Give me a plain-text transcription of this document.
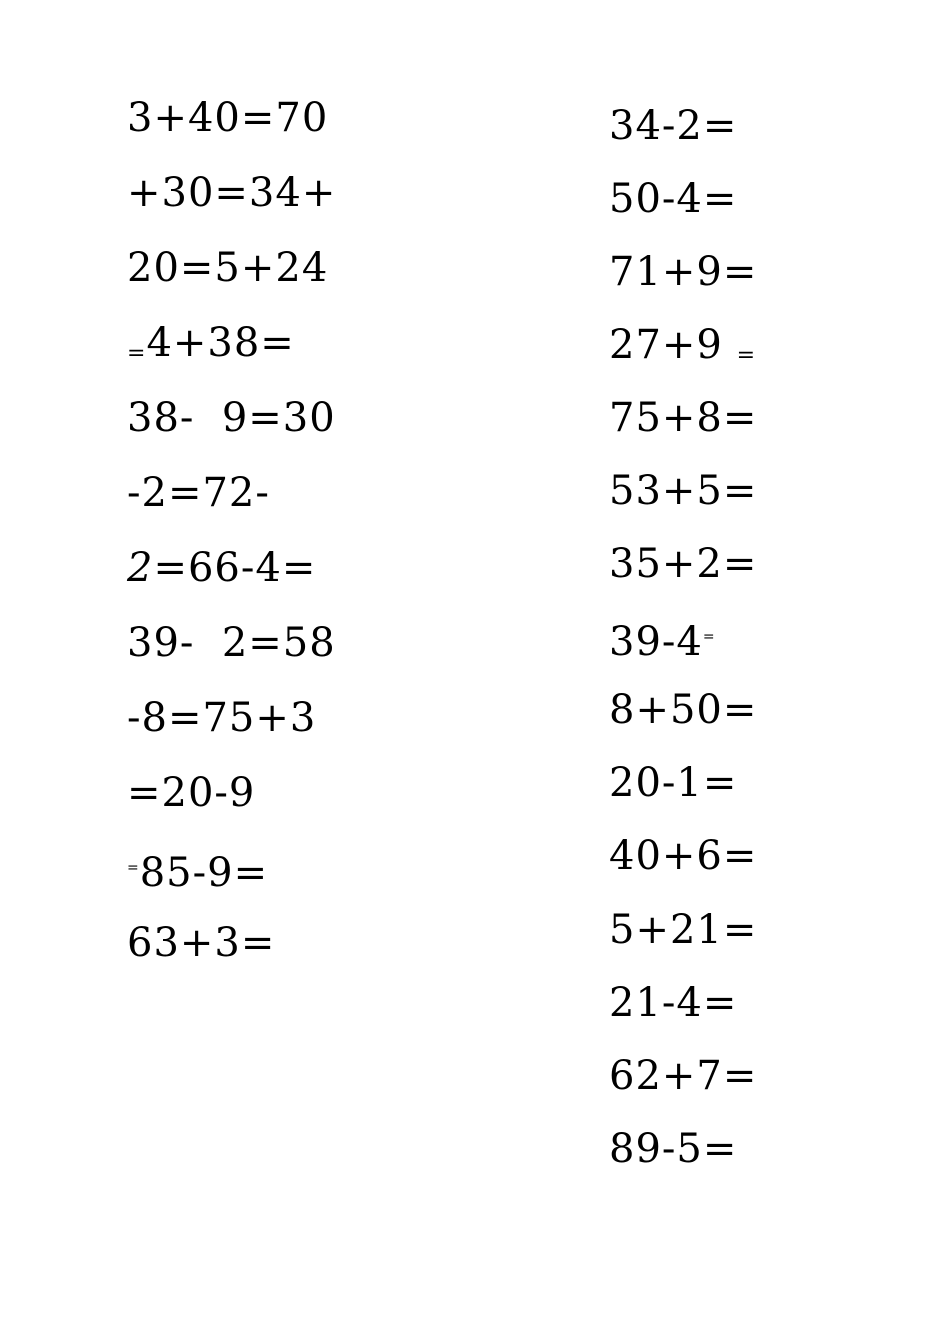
3+40=70
+30=34+
20=5+24
=4+38=
38-  9=30
-2=72-
2=66-4=
39-  2=58
-8=75+3
=20-9
=85-9=
63+3=
34-2=
50-4=
71+9=
27+9 =
75+8=
53+5=
35+2=
39-4=
8+50=
20-1=
40+6=
5+21=
21-4=
62+7=
89-5=
